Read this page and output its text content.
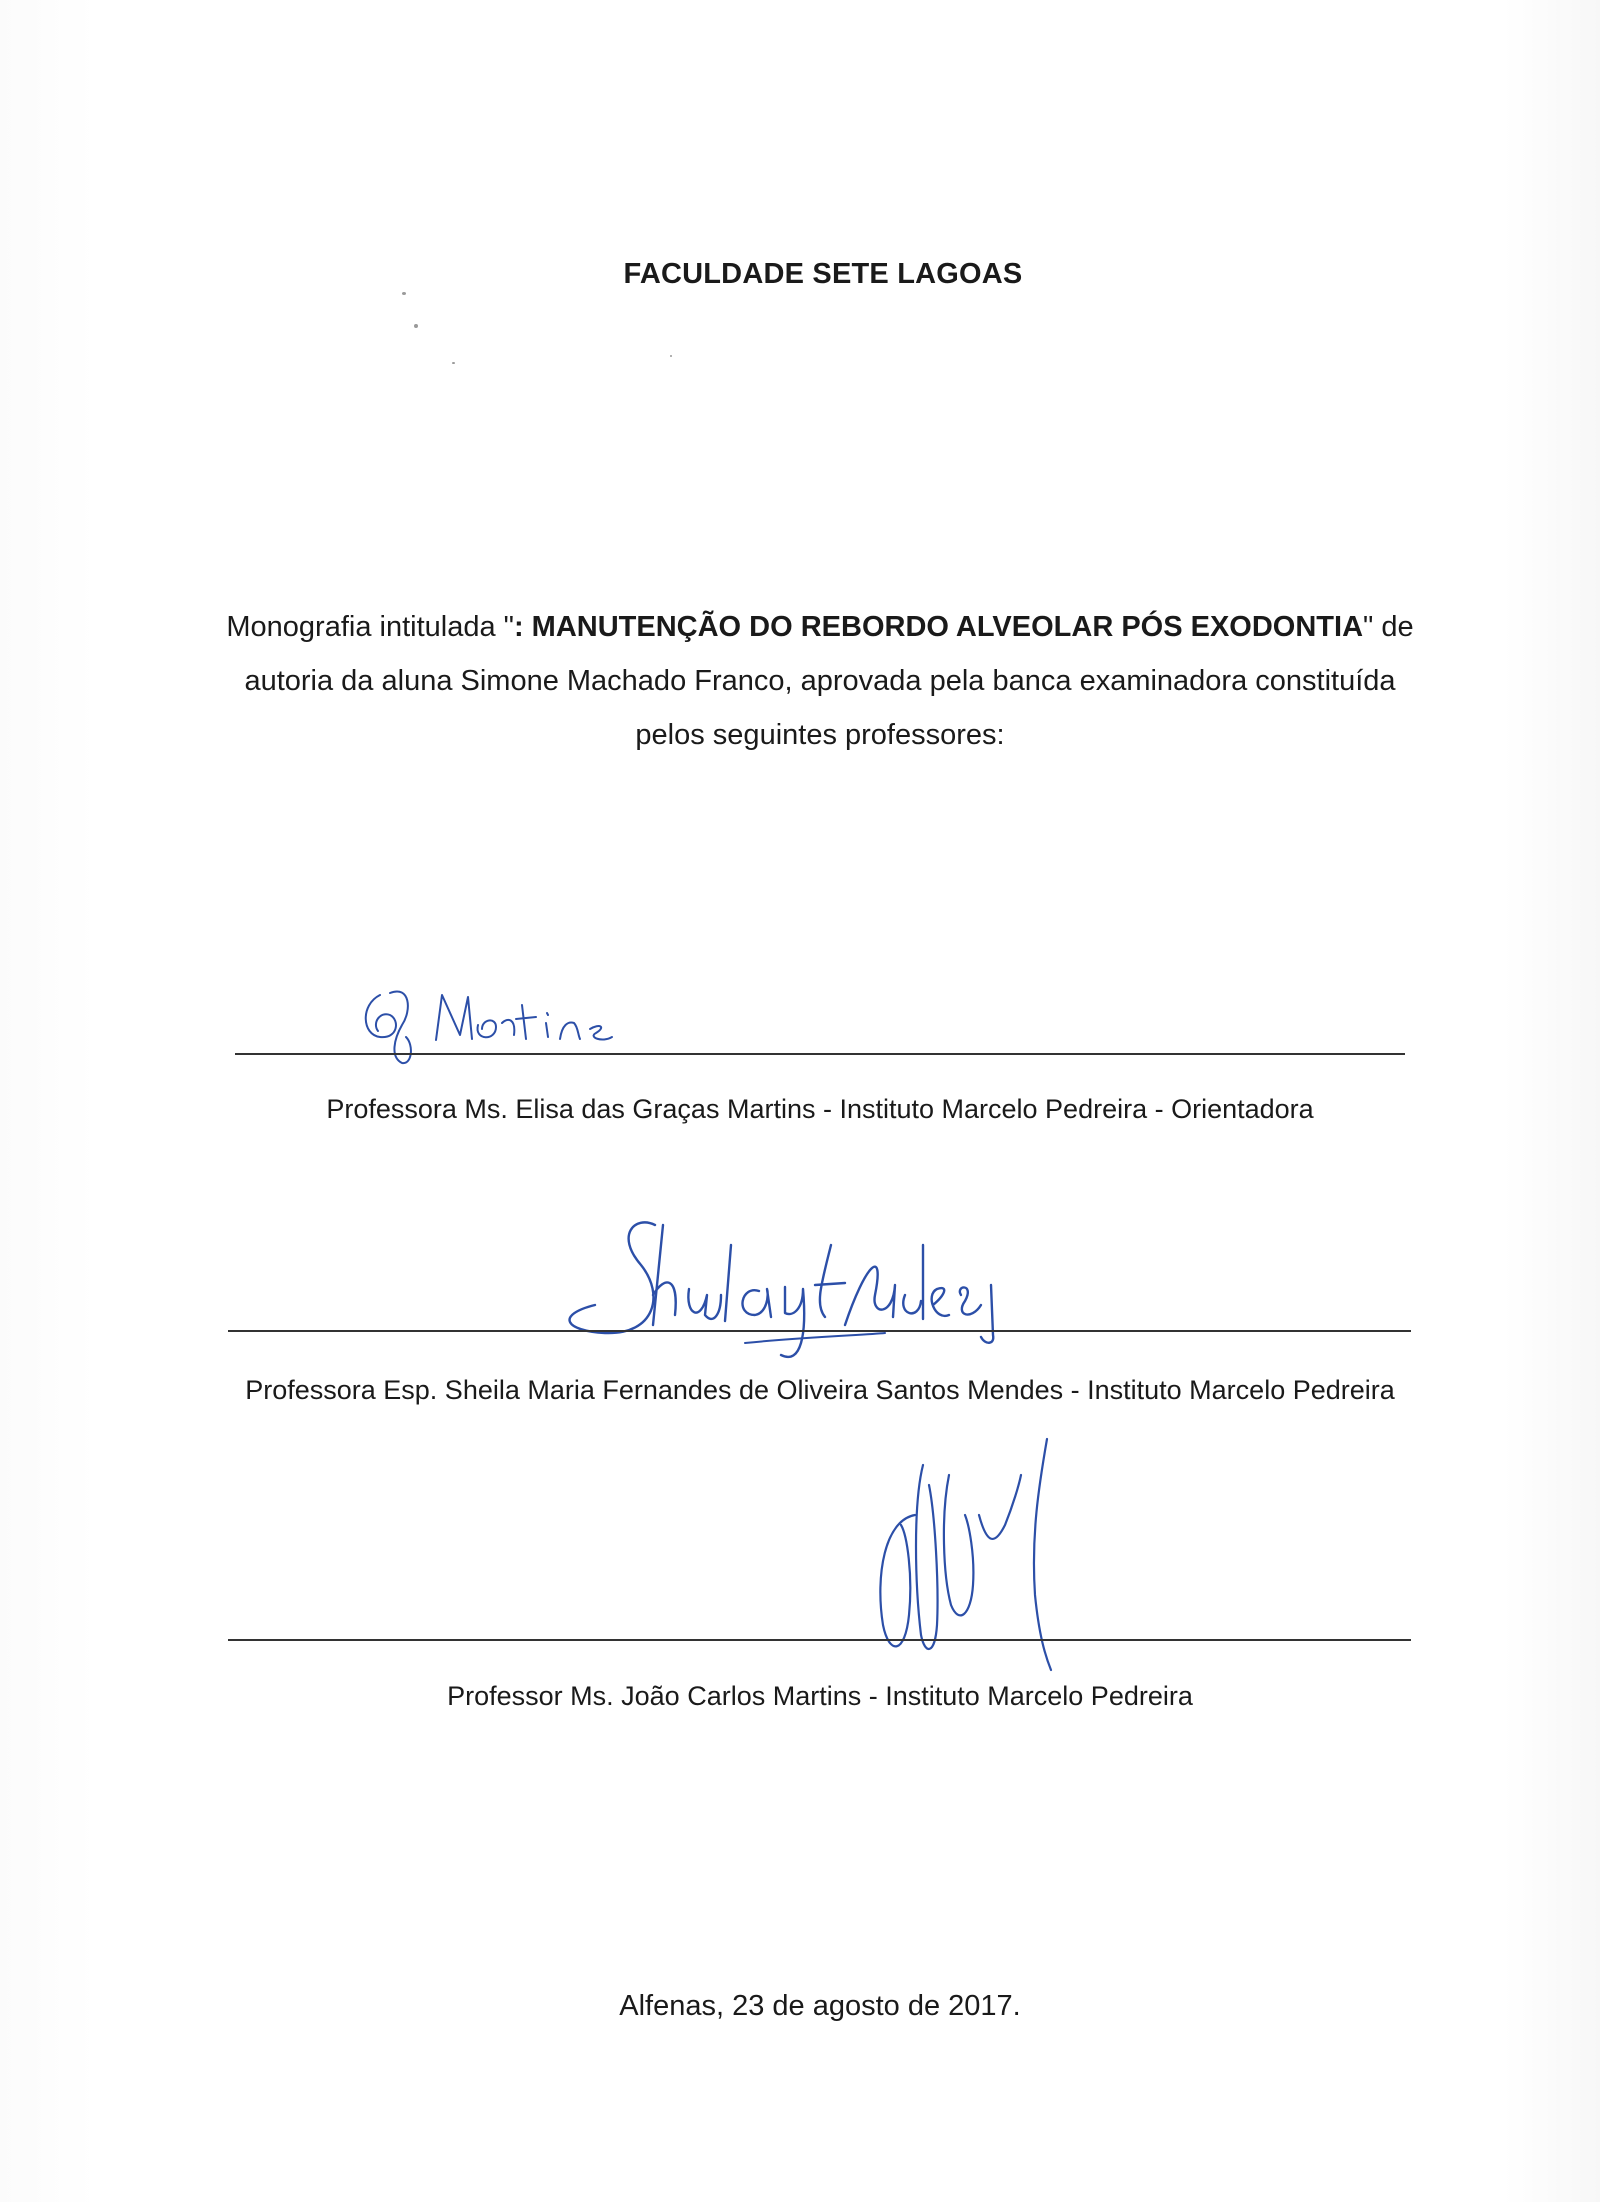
FACULDADE SETE LAGOAS
Monografia intitulada ": MANUTENÇÃO DO REBORDO ALVEOLAR PÓS EXODONTIA" de autoria da aluna Simone Machado Franco, aprovada pela banca examinadora constituída pelos seguintes professores:
Professora Ms. Elisa das Graças Martins - Instituto Marcelo Pedreira - Orientadora
Professora Esp. Sheila Maria Fernandes de Oliveira Santos Mendes - Instituto Marcelo Pedreira
Professor Ms. João Carlos Martins - Instituto Marcelo Pedreira
Alfenas, 23 de agosto de 2017.
